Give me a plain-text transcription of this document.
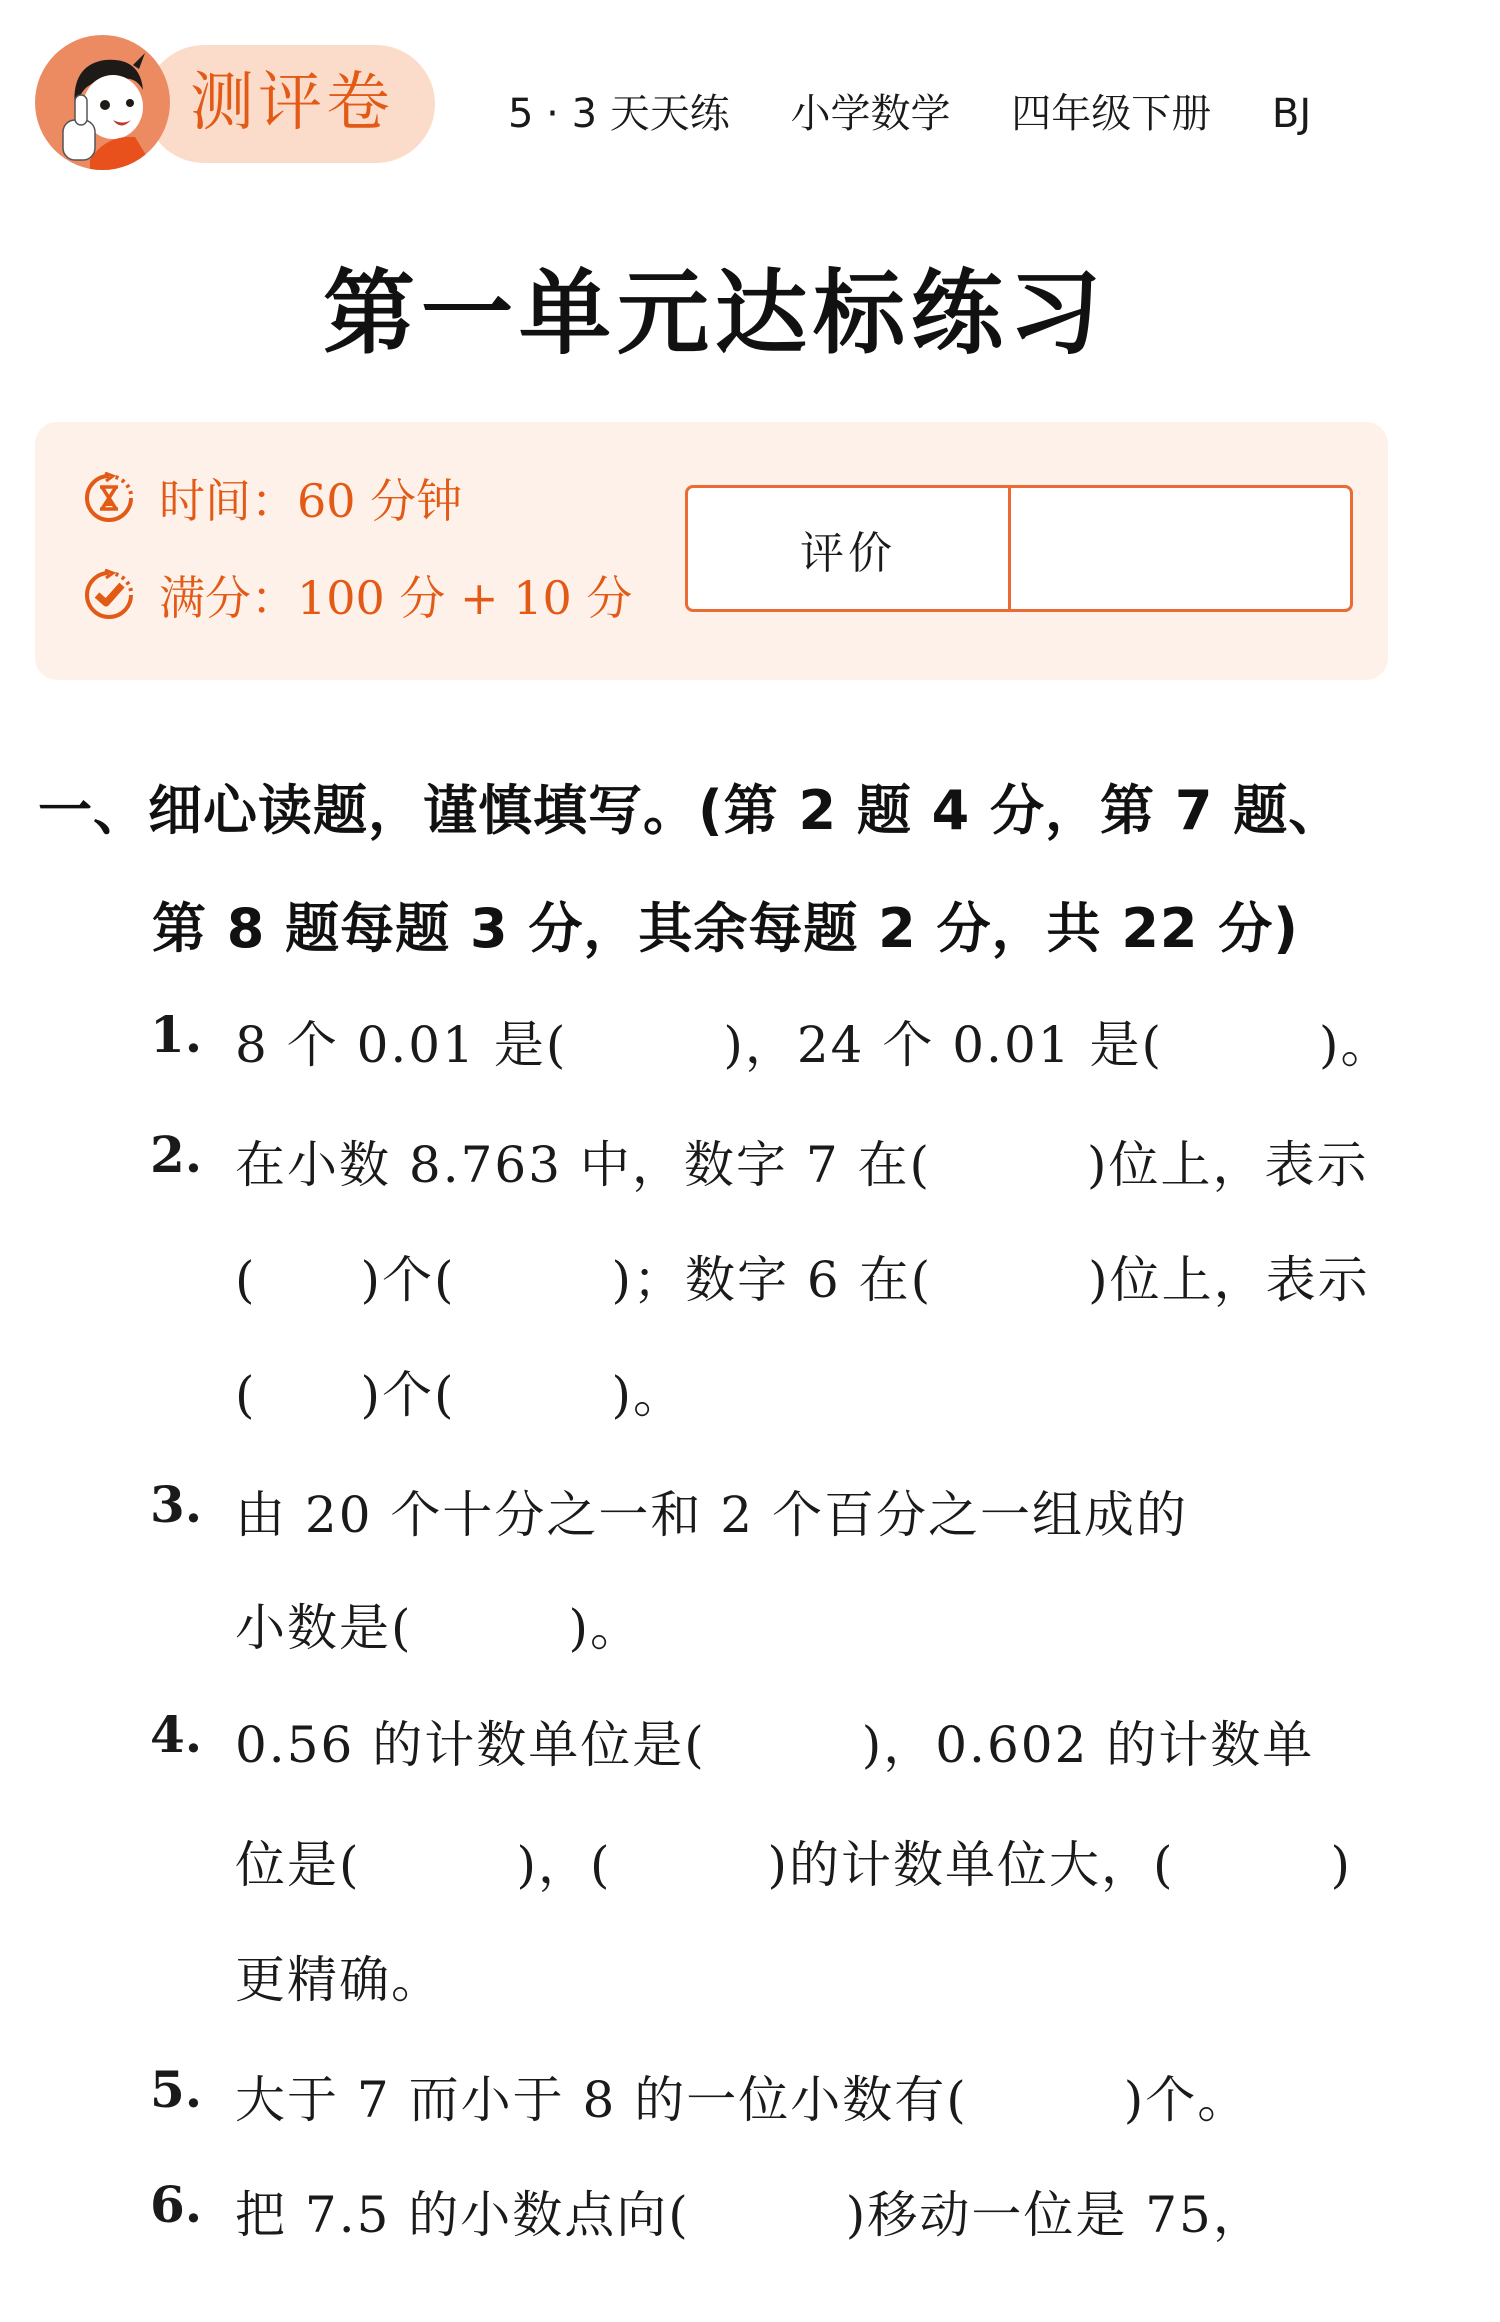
测评卷	5 · 3 天天练 小学数学 四年级下册 BJ
第一单元达标练习
时间：60 分钟
满分：100 分 + 10 分
评价
一、细心读题，谨慎填写。(第 2 题 4 分，第 7 题、
第 8 题每题 3 分，其余每题 2 分，共 22 分)
1. 8 个 0.01 是(　　　)，24 个 0.01 是(　　　)。
2. 在小数 8.763 中，数字 7 在(　　　)位上，表示
(　　)个(　　　)；数字 6 在(　　　)位上，表示
(　　)个(　　　)。
3. 由 20 个十分之一和 2 个百分之一组成的
小数是(　　　)。
4. 0.56 的计数单位是(　　　)，0.602 的计数单
位是(　　　)，(　　　)的计数单位大，(　　　)
更精确。
5. 大于 7 而小于 8 的一位小数有(　　　)个。
6. 把 7.5 的小数点向(　　　)移动一位是 75，
